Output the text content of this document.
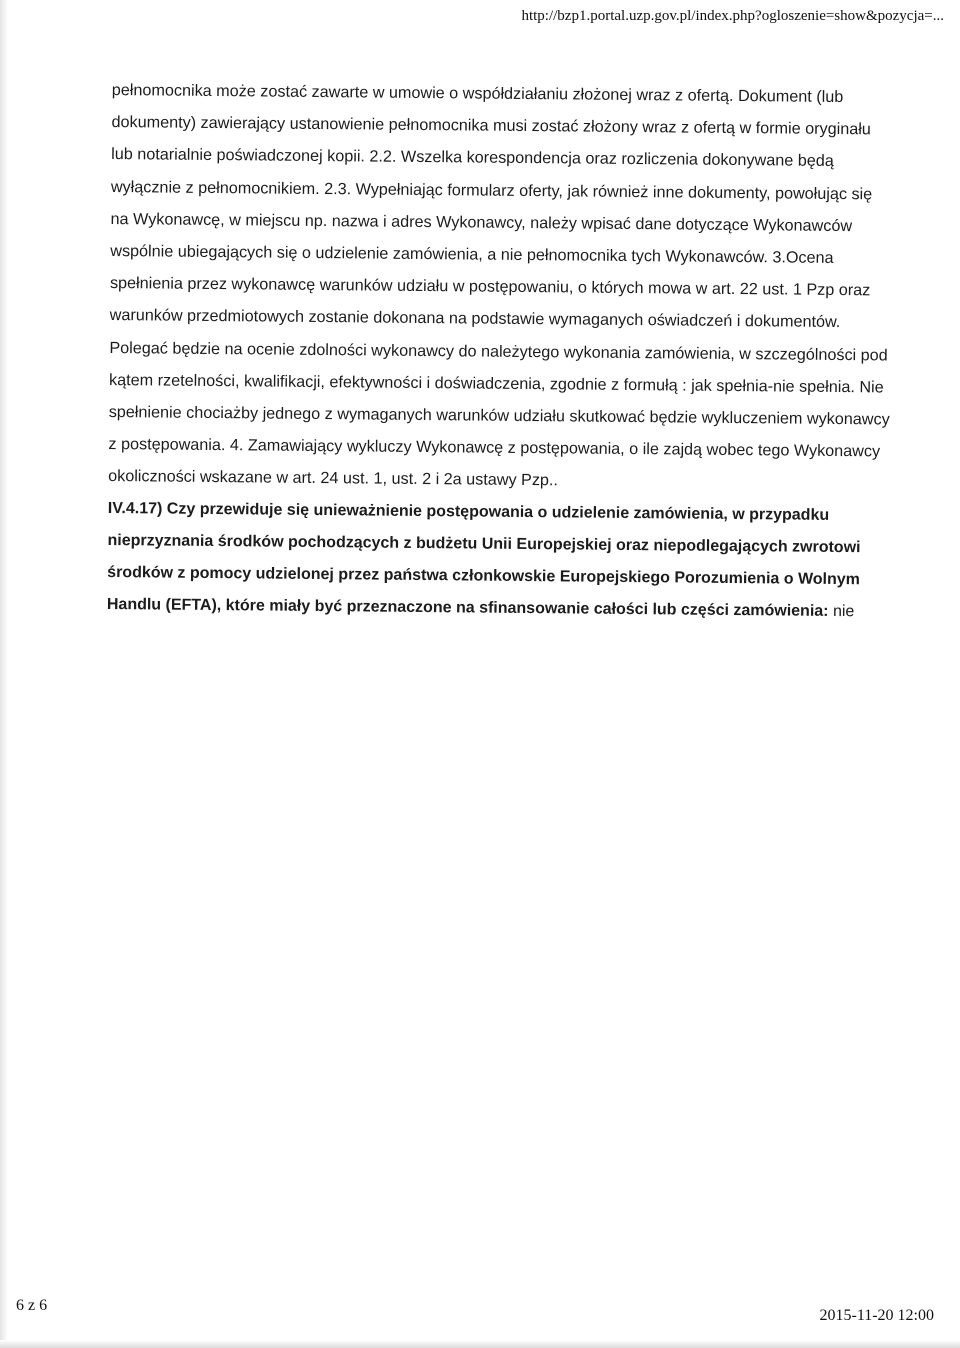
http://bzp1.portal.uzp.gov.pl/index.php?ogloszenie=show&pozycja=...
pełnomocnika może zostać zawarte w umowie o współdziałaniu złożonej wraz z ofertą. Dokument (lub
dokumenty) zawierający ustanowienie pełnomocnika musi zostać złożony wraz z ofertą w formie oryginału
lub notarialnie poświadczonej kopii. 2.2. Wszelka korespondencja oraz rozliczenia dokonywane będą
wyłącznie z pełnomocnikiem. 2.3. Wypełniając formularz oferty, jak również inne dokumenty, powołując się
na Wykonawcę, w miejscu np. nazwa i adres Wykonawcy, należy wpisać dane dotyczące Wykonawców
wspólnie ubiegających się o udzielenie zamówienia, a nie pełnomocnika tych Wykonawców. 3.Ocena
spełnienia przez wykonawcę warunków udziału w postępowaniu, o których mowa w art. 22 ust. 1 Pzp oraz
warunków przedmiotowych zostanie dokonana na podstawie wymaganych oświadczeń i dokumentów.
Polegać będzie na ocenie zdolności wykonawcy do należytego wykonania zamówienia, w szczególności pod
kątem rzetelności, kwalifikacji, efektywności i doświadczenia, zgodnie z formułą : jak spełnia-nie spełnia. Nie
spełnienie chociażby jednego z wymaganych warunków udziału skutkować będzie wykluczeniem wykonawcy
z postępowania. 4. Zamawiający wykluczy Wykonawcę z postępowania, o ile zajdą wobec tego Wykonawcy
okoliczności wskazane w art. 24 ust. 1, ust. 2 i 2a ustawy Pzp..
IV.4.17) Czy przewiduje się unieważnienie postępowania o udzielenie zamówienia, w przypadku
nieprzyznania środków pochodzących z budżetu Unii Europejskiej oraz niepodlegających zwrotowi
środków z pomocy udzielonej przez państwa członkowskie Europejskiego Porozumienia o Wolnym
Handlu (EFTA), które miały być przeznaczone na sfinansowanie całości lub części zamówienia: nie
6 z 6
2015-11-20 12:00
